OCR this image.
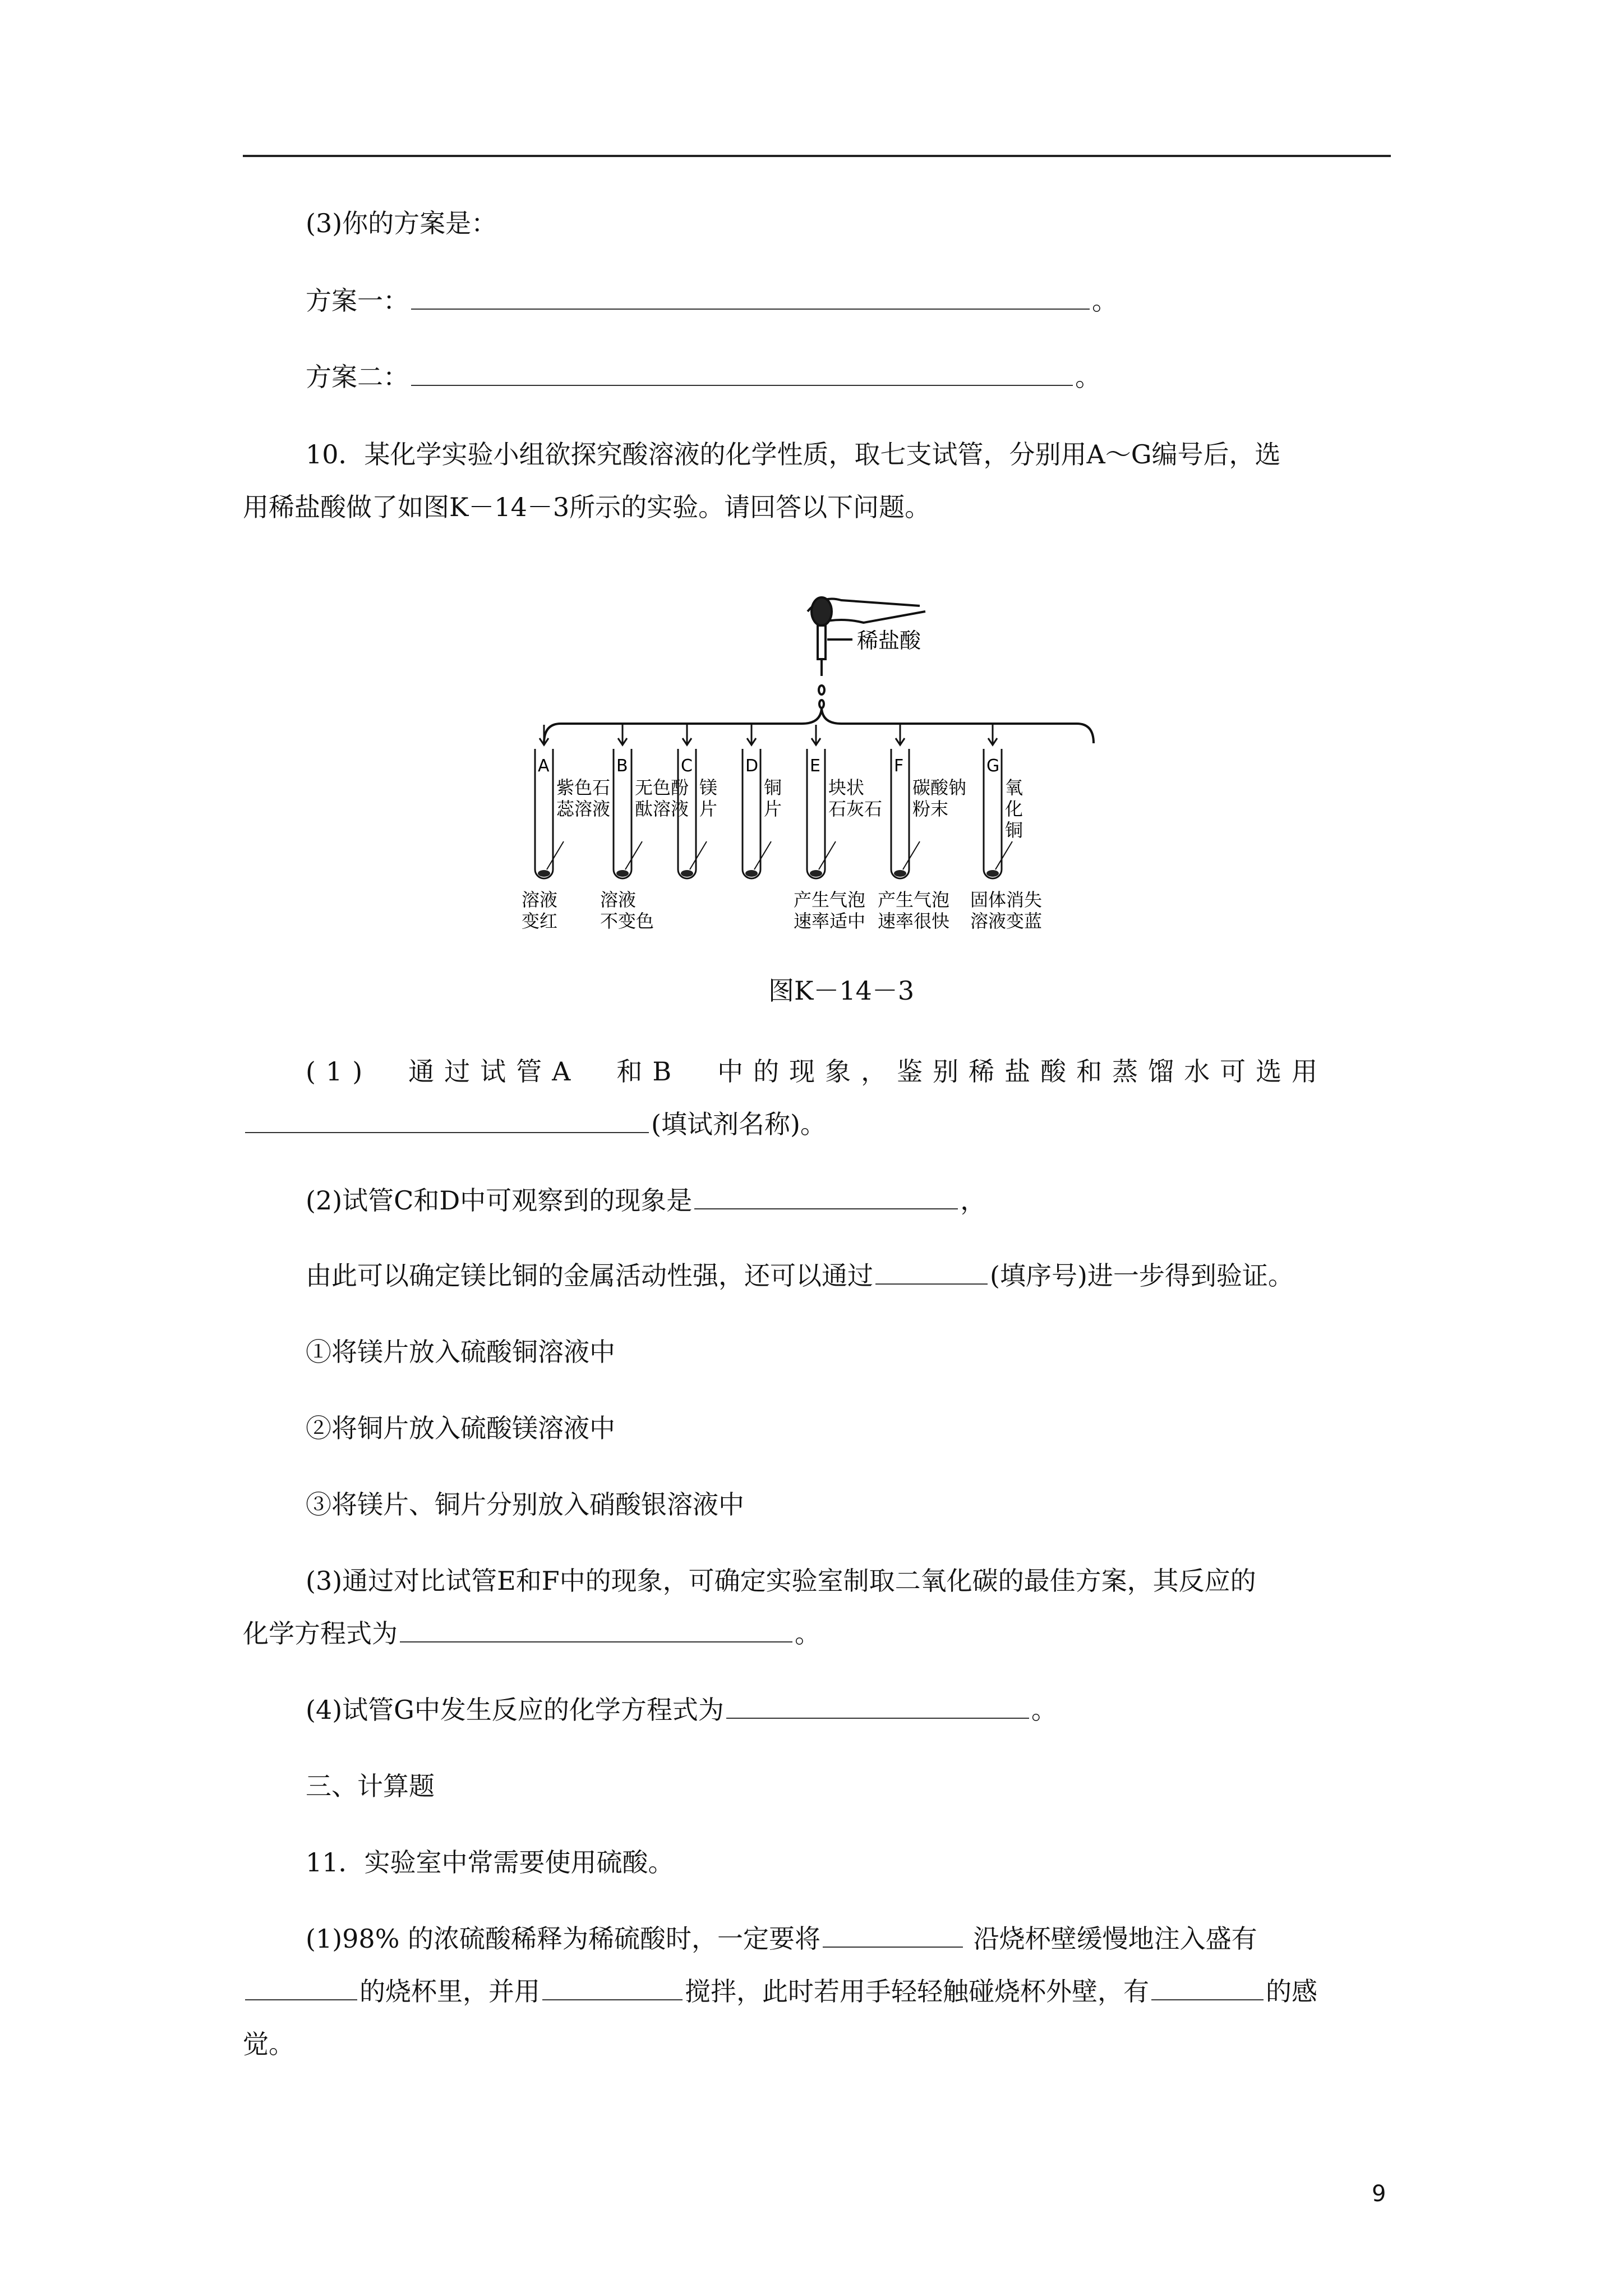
(3)你的方案是：
方案一：	。
方案二：	。
10．某化学实验小组欲探究酸溶液的化学性质，取七支试管，分别用A～G编号后，选
用稀盐酸做了如图K－14－3所示的实验。请回答以下问题。
稀盐酸
A
紫色石
蕊溶液
溶液
变红
B
无色酚
酞溶液
溶液
不变色
C
镁
片
D
铜
片
E
块状
石灰石
产生气泡
速率适中
F
碳酸钠
粉末
产生气泡
速率很快
G
氧
化
铜
固体消失
溶液变蓝
图K－14－3
(1)　通过试管A　和B　中的现象，鉴别稀盐酸和蒸馏水可选用
(填试剂名称)。
(2)试管C和D中可观察到的现象是	，
由此可以确定镁比铜的金属活动性强，还可以通过	(填序号)进一步得到验证。
①将镁片放入硫酸铜溶液中
②将铜片放入硫酸镁溶液中
③将镁片、铜片分别放入硝酸银溶液中
(3)通过对比试管E和F中的现象，可确定实验室制取二氧化碳的最佳方案，其反应的
化学方程式为	。
(4)试管G中发生反应的化学方程式为	。
三、计算题
11．实验室中常需要使用硫酸。
(1)98% 的浓硫酸稀释为稀硫酸时，一定要将	沿烧杯壁缓慢地注入盛有
的烧杯里，并用	搅拌，此时若用手轻轻触碰烧杯外壁，有	的感
觉。
9
